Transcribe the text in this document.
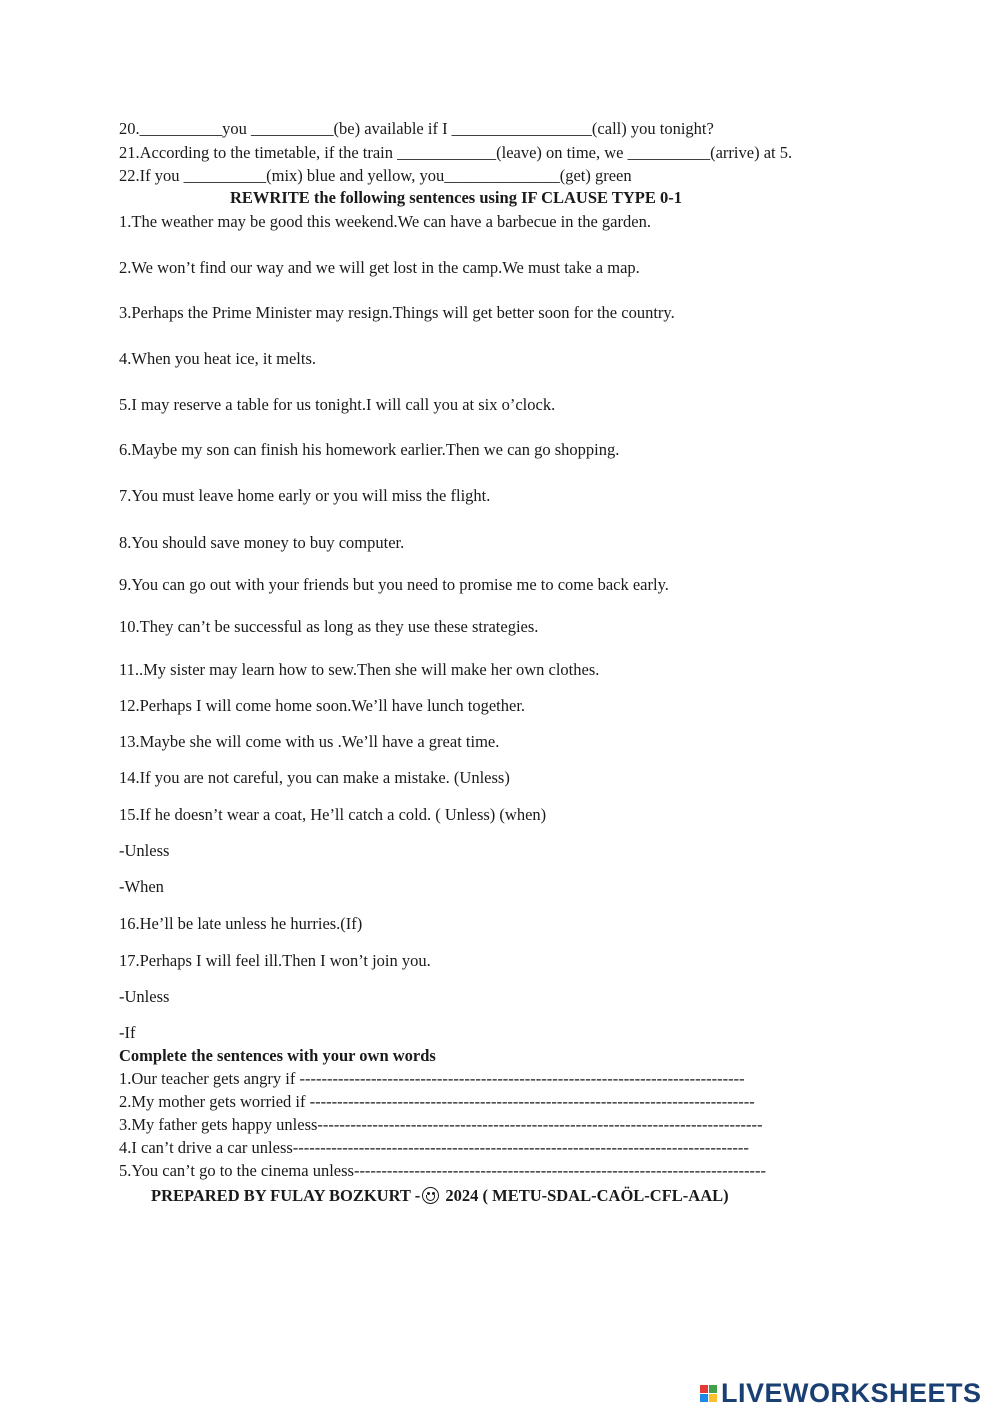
20.__________you __________(be) available if I _________________(call) you tonight?
21.According to the timetable, if the train ____________(leave) on time, we __________(arrive) at 5.
22.If you __________(mix) blue and yellow, you______________(get) green
REWRITE the following sentences using IF CLAUSE TYPE 0-1
1.The weather may be good this weekend.We can have a barbecue in the garden.
2.We won’t find our way and we will get lost in the camp.We must take a map.
3.Perhaps the Prime Minister may resign.Things will get better soon for the country.
4.When you heat ice, it melts.
5.I may reserve a table for us tonight.I will call you at six o’clock.
6.Maybe my son can finish his homework earlier.Then we can go shopping.
7.You must leave home early or you will miss the flight.
8.You should save money to buy computer.
9.You can go out with your friends but you need to promise me to come back early.
10.They can’t be successful as long as they use these strategies.
11..My sister may learn how to sew.Then she will make her own clothes.
12.Perhaps I will come home soon.We’ll have lunch together.
13.Maybe she will come with us .We’ll have a great time.
14.If you are not careful, you can make a mistake. (Unless)
15.If he doesn’t wear a coat, He’ll catch a cold. ( Unless) (when)
-Unless
-When
16.He’ll be late unless he hurries.(If)
17.Perhaps I will feel ill.Then I won’t join you.
-Unless
-If
Complete the sentences with your own words
1.Our teacher gets angry if ---------------------------------------------------------------------------------
2.My mother gets worried if ---------------------------------------------------------------------------------
3.My father gets happy unless---------------------------------------------------------------------------------
4.I can’t drive a car unless-----------------------------------------------------------------------------------
5.You can’t go to the cinema unless---------------------------------------------------------------------------
PREPARED BY FULAY BOZKURT -
2024 ( METU-SDAL-CAÖL-CFL-AAL)
LIVEWORKSHEETS
